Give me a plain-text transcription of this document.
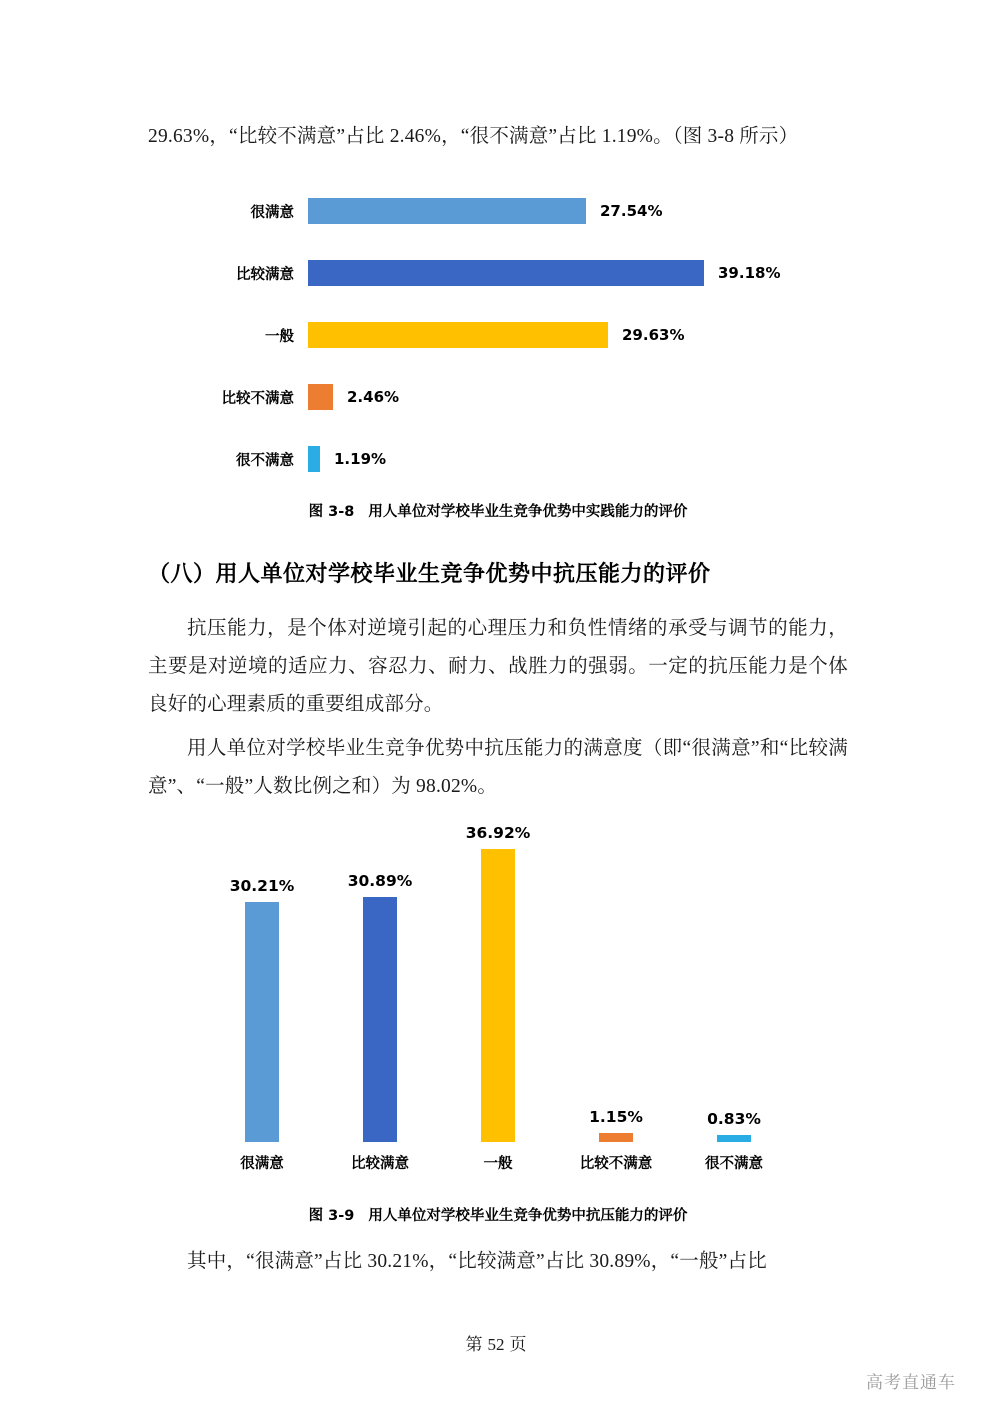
29.63%，“比较不满意”占比 2.46%，“很不满意”占比 1.19%。（图 3-8 所示）
很满意	27.54%
比较满意	39.18%
一般	29.63%
比较不满意	2.46%
很不满意	1.19%
图 3-8 用人单位对学校毕业生竞争优势中实践能力的评价
（八）用人单位对学校毕业生竞争优势中抗压能力的评价
抗压能力，是个体对逆境引起的心理压力和负性情绪的承受与调节的能力，主要是对逆境的适应力、容忍力、耐力、战胜力的强弱。一定的抗压能力是个体良好的心理素质的重要组成部分。
用人单位对学校毕业生竞争优势中抗压能力的满意度（即“很满意”和“比较满意”、“一般”人数比例之和）为 98.02%。
30.21%	30.89%
36.92%
1.15%	0.83%
很满意	比较满意	一般	比较不满意	很不满意
图 3-9 用人单位对学校毕业生竞争优势中抗压能力的评价
其中，“很满意”占比 30.21%，“比较满意”占比 30.89%，“一般”占比
第 52 页
高考直通车
